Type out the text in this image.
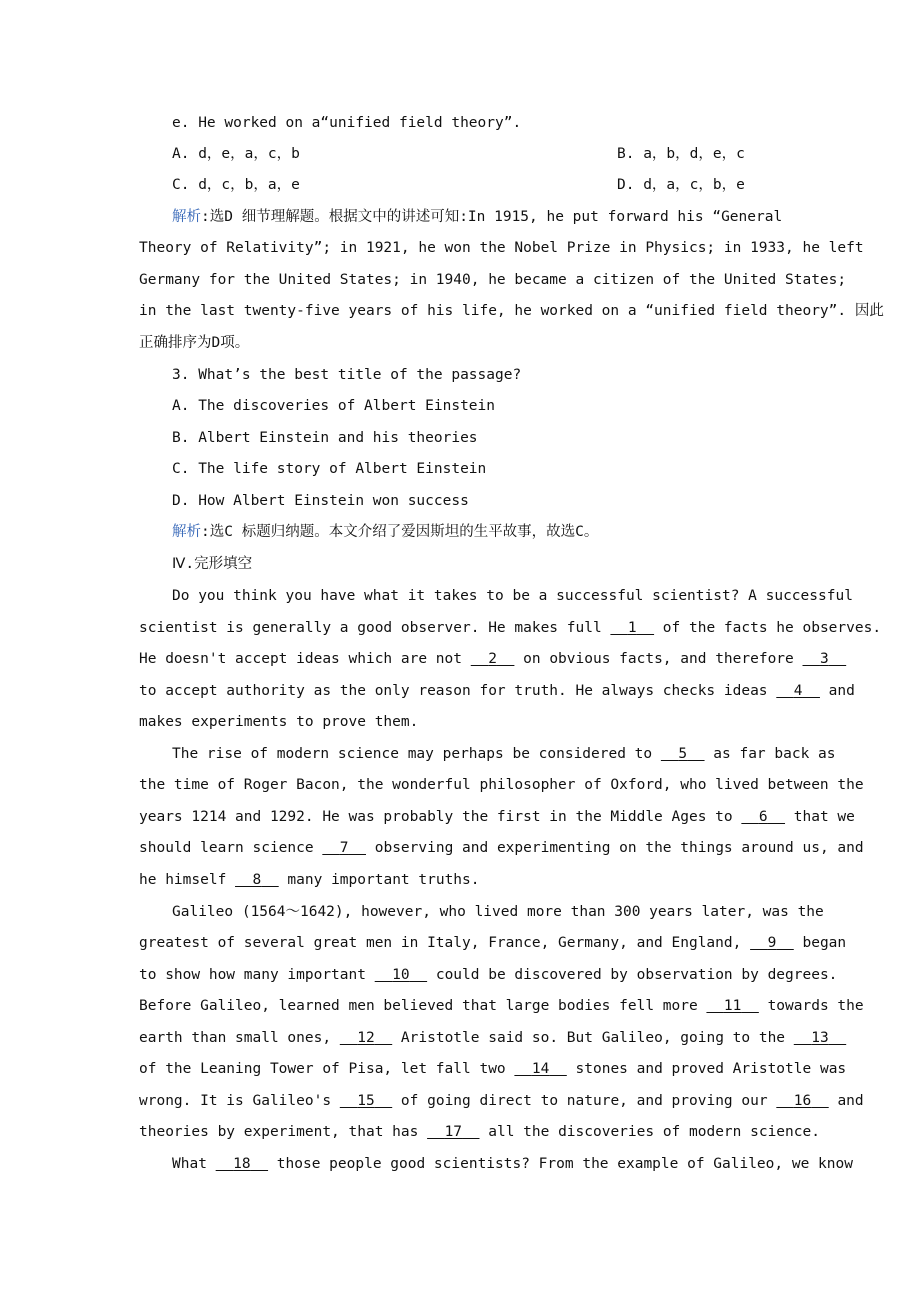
e. He worked on a“unified field theory”.
A. d，e，a，c，b	B. a，b，d，e，c
C. d，c，b，a，e	D. d，a，c，b，e
解析:选D 细节理解题。根据文中的讲述可知:In 1915, he put forward his “General
Theory of Relativity”; in 1921, he won the Nobel Prize in Physics; in 1933, he left
Germany for the United States; in 1940, he became a citizen of the United States;
in the last twenty-five years of his life, he worked on a “unified field theory”. 因此
正确排序为D项。
3. What’s the best title of the passage?
A. The discoveries of Albert Einstein
B. Albert Einstein and his theories
C. The life story of Albert Einstein
D. How Albert Einstein won success
解析:选C 标题归纳题。本文介绍了爱因斯坦的生平故事，故选C。
Ⅳ.完形填空
Do you think you have what it takes to be a successful scientist? A successful
scientist is generally a good observer. He makes full 1 of the facts he observes.
He doesn't accept ideas which are not 2 on obvious facts, and therefore 3
to accept authority as the only reason for truth. He always checks ideas 4 and
makes experiments to prove them.
The rise of modern science may perhaps be considered to 5 as far back as
the time of Roger Bacon, the wonderful philosopher of Oxford, who lived between the
years 1214 and 1292. He was probably the first in the Middle Ages to 6 that we
should learn science 7 observing and experimenting on the things around us, and
he himself 8 many important truths.
Galileo (1564～1642), however, who lived more than 300 years later, was the
greatest of several great men in Italy, France, Germany, and England, 9 began
to show how many important 10 could be discovered by observation by degrees.
Before Galileo, learned men believed that large bodies fell more 11 towards the
earth than small ones, 12 Aristotle said so. But Galileo, going to the 13
of the Leaning Tower of Pisa, let fall two 14 stones and proved Aristotle was
wrong. It is Galileo's 15 of going direct to nature, and proving our 16 and
theories by experiment, that has 17 all the discoveries of modern science.
What 18 those people good scientists? From the example of Galileo, we know
